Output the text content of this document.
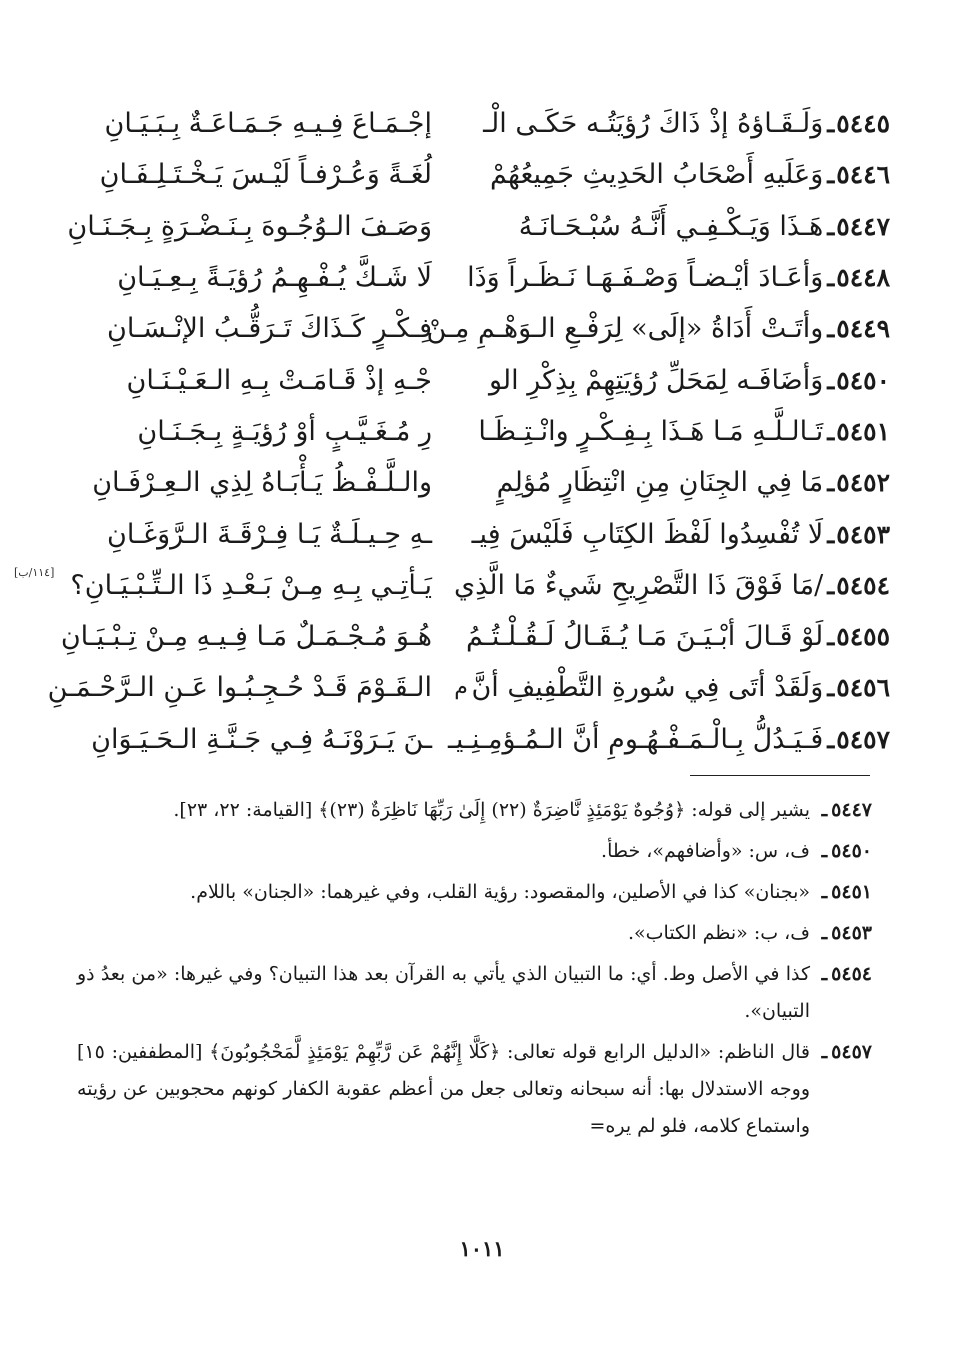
٥٤٤٥
ـ
وَلَـقَـاؤهُ إذْ ذَاكَ رُؤيَتُـه حَكَـى الْـ
إجْـمَـاعَ فِـيـهِ جَـمَـاعَـةٌ بِـبَـيَـانِ
٥٤٤٦
ـ
وَعَلَيهِ أَصْحَابُ الحَدِيثِ جَمِيعُهُمْ
لُغَـةً وَعُـرْفـاً لَيْـسَ يَـخْـتَـلِـفَـانِ
٥٤٤٧
ـ
هَـذَا وَيَـكْـفِـي أَنَّـهُ سُبْـحَـانَـهُ
وَصَـفَ الـوُجُـوهَ بِـنَـضْـرَةٍ بِـجَـنَـانِ
٥٤٤٨
ـ
وَأعَـادَ أيْـضـاً وَصْـفَـهَـا نَـظَـراً وَذَا
لَا شَـكَّ يُـفْـهِـمُ رُؤيَـةً بِـعِـيَـانِ
٥٤٤٩
ـ
وأتَـتْ أَدَاةُ «إلَى» لِرَفْـعِ الـوَهْـمِ مِـنْ
فِـكْـرٍ كَـذَاكَ تَـرَقُّـبُ الإنْـسَـانِ
٥٤٥٠
ـ
وَأضَافَـه لِمَحَلِّ رُؤيَتِهِمْ بِذِكْرِ الو
جْـهِ إذْ قَـامَـتْ بِـهِ الـعَـيْـنَـانِ
٥٤٥١
ـ
تَـالـلَّـهِ مَـا هَـذَا بِـفِـكْـرٍ وانْـتِـظَـا
رِ مُـغَـيَّـبٍ أوْ رُؤيَـةٍ بِـجَـنَـانِ
٥٤٥٢
ـ
مَا فِي الجِنَانِ مِنِ انْتِظَارٍ مُؤلِمٍ
والـلَّـفْـظُ يَـأْبَـاهُ لِذِي الـعِـرْفَـانِ
٥٤٥٣
ـ
لَا تُفْسِدُوا لَفْظَ الكِتَابِ فَلَيْسَ فِيـ
ـهِ حِـيـلَـةٌ يَـا فِـرْقَـةَ الـرَّوَغَـانِ
٥٤٥٤
ـ
/مَا فَوْقَ ذَا التَّصْرِيحِ شَيءٌ مَا الَّذِي
يَـأتِـي بِـهِ مِـنْ بَـعْـدِ ذَا الـتِّـبْـيَـانِ؟
٥٤٥٥
ـ
لَوْ قَـالَ أبْـيَـنَ مَـا يُـقَـالُ لَـقُـلْـتُـمُ
هُـوَ مُـجْـمَـلٌ مَـا فِـيـهِ مِـنْ تِـبْـيَـانِ
٥٤٥٦
ـ
وَلَقَدْ أتَى فِي سُورةِ التَّطْفِيفِ أنَّ
م
الـقَـوْمَ قَـدْ حُـجِـبُـوا عَـنِ الـرَّحْـمَـنِ
٥٤٥٧
ـ
فَـيَـدُلُّ بِـالْـمَـفْـهُـومِ أنَّ الـمُـؤمِـنِـيـ
ـنَ يَـرَوْنَـهُ فِـي جَـنَّـةِ الـحَـيَـوَانِ
[١١٤/ب]
٥٤٤٧ـ
يشير إلى قوله: ﴿وُجُوهٌ يَوْمَئِذٍ نَّاضِرَةٌ (٢٢) إِلَىٰ رَبِّهَا نَاظِرَةٌ (٢٣)﴾ [القيامة: ٢٢، ٢٣].
٥٤٥٠ـ
ف، س: «وأضافهم»، خطأ.
٥٤٥١ـ
«بجنان» كذا في الأصلين، والمقصود: رؤية القلب، وفي غيرهما: «الجنان» باللام.
٥٤٥٣ـ
ف، ب: «نظم الكتاب».
٥٤٥٤ـ
كذا في الأصل وط. أي: ما التبيان الذي يأتي به القرآن بعد هذا التبيان؟ وفي غيرها: «من بعدُ ذو التبيان».
٥٤٥٧ـ
قال الناظم: «الدليل الرابع قوله تعالى: ﴿كَلَّا إِنَّهُمْ عَن رَّبِّهِمْ يَوْمَئِذٍ لَّمَحْجُوبُونَ﴾ [المطففين: ١٥] ووجه الاستدلال بها: أنه سبحانه وتعالى جعل من أعظم عقوبة الكفار كونهم محجوبين عن رؤيته واستماع كلامه، فلو لم يره=
١٠١١
